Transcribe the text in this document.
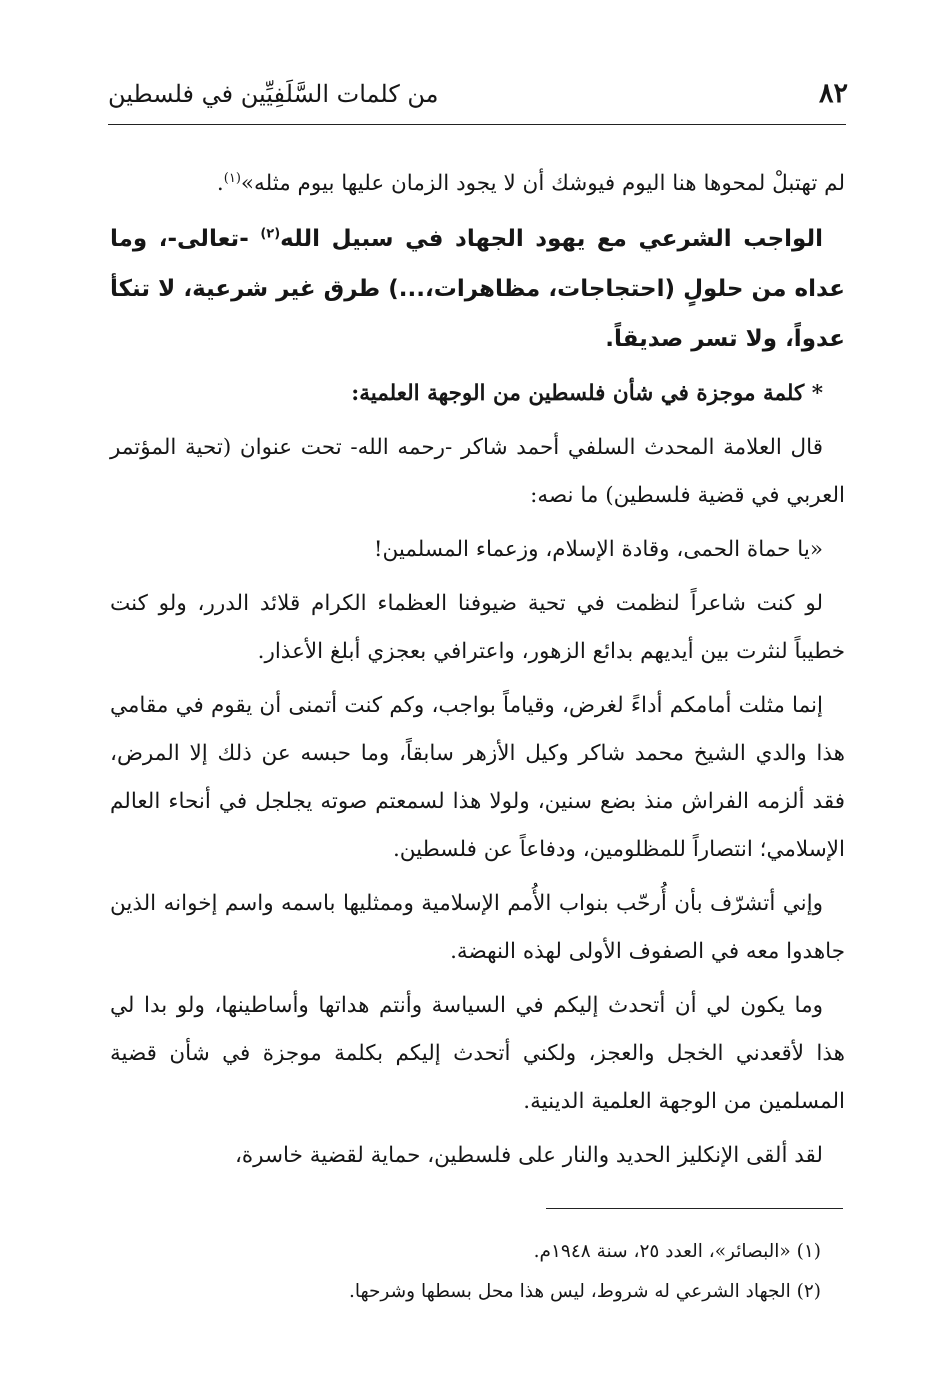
٨٢
من كلمات السَّلَفِيِّين في فلسطين

لم تهتبلْ لمحوها هنا اليوم فيوشك أن لا يجود الزمان عليها بيوم مثله»$^{(١)}$.

الواجب الشرعي مع يهود الجهاد في سبيل الله$^{(٢)}$ -تعالى-، وما عداه من حلولٍ (احتجاجات، مظاهرات،...) طرق غير شرعية، لا تنكأ عدواً، ولا تسر صديقاً.

* كلمة موجزة في شأن فلسطين من الوجهة العلمية:

قال العلامة المحدث السلفي أحمد شاكر -رحمه الله- تحت عنوان (تحية المؤتمر العربي في قضية فلسطين) ما نصه:

«يا حماة الحمى، وقادة الإسلام، وزعماء المسلمين!

لو كنت شاعراً لنظمت في تحية ضيوفنا العظماء الكرام قلائد الدرر، ولو كنت خطيباً لنثرت بين أيديهم بدائع الزهور، واعترافي بعجزي أبلغ الأعذار.

إنما مثلت أمامكم أداءً لغرض، وقياماً بواجب، وكم كنت أتمنى أن يقوم في مقامي هذا والدي الشيخ محمد شاكر وكيل الأزهر سابقاً، وما حبسه عن ذلك إلا المرض، فقد ألزمه الفراش منذ بضع سنين، ولولا هذا لسمعتم صوته يجلجل في أنحاء العالم الإسلامي؛ انتصاراً للمظلومين، ودفاعاً عن فلسطين.

وإني أتشرّف بأن أُرحّب بنواب الأُمم الإسلامية وممثليها باسمه واسم إخوانه الذين جاهدوا معه في الصفوف الأولى لهذه النهضة.

وما يكون لي أن أتحدث إليكم في السياسة وأنتم هداتها وأساطينها، ولو بدا لي هذا لأقعدني الخجل والعجز، ولكني أتحدث إليكم بكلمة موجزة في شأن قضية المسلمين من الوجهة العلمية الدينية.

لقد ألقى الإنكليز الحديد والنار على فلسطين، حماية لقضية خاسرة،

(١) «البصائر»، العدد ٢٥، سنة ١٩٤٨م.

(٢) الجهاد الشرعي له شروط، ليس هذا محل بسطها وشرحها.
